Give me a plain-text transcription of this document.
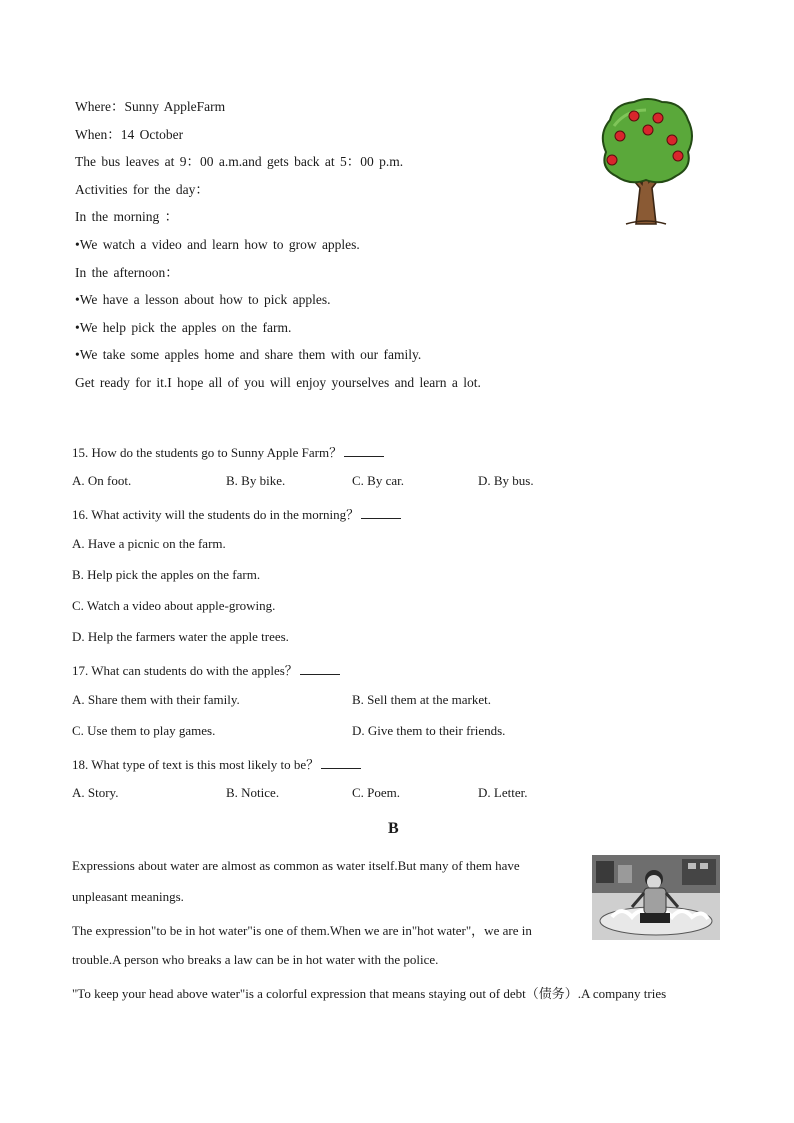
Where：Sunny AppleFarm
When：14 October
The bus leaves at 9：00 a.m.and gets back at 5：00 p.m.
Activities for the day：
In the morning ：
•We watch a video and learn how to grow apples.
In the afternoon：
•We have a lesson about how to pick apples.
•We help pick the apples on the farm.
•We take some apples home and share them with our family.
Get ready for it.I hope all of you will enjoy yourselves and learn a lot.
15. How do the students go to Sunny Apple Farm？
A. On foot.	B. By bike.	C. By car.	D. By bus.
16. What activity will the students do in the morning？
A. Have a picnic on the farm.
B. Help pick the apples on the farm.
C. Watch a video about apple-growing.
D. Help the farmers water the apple trees.
17. What can students do with the apples？
A. Share them with their family.	B. Sell them at the market.
C. Use them to play games.	D. Give them to their friends.
18. What type of text is this most likely to be？
A. Story.	B. Notice.	C. Poem.	D. Letter.
B
Expressions about water are almost as common as water itself.But many of them have
unpleasant meanings.
The expression"to be in hot water"is one of them.When we are in"hot water"，we are in
trouble.A person who breaks a law can be in hot water with the police.
"To keep your head above water"is a colorful expression that means staying out of debt（债务）.A company tries
